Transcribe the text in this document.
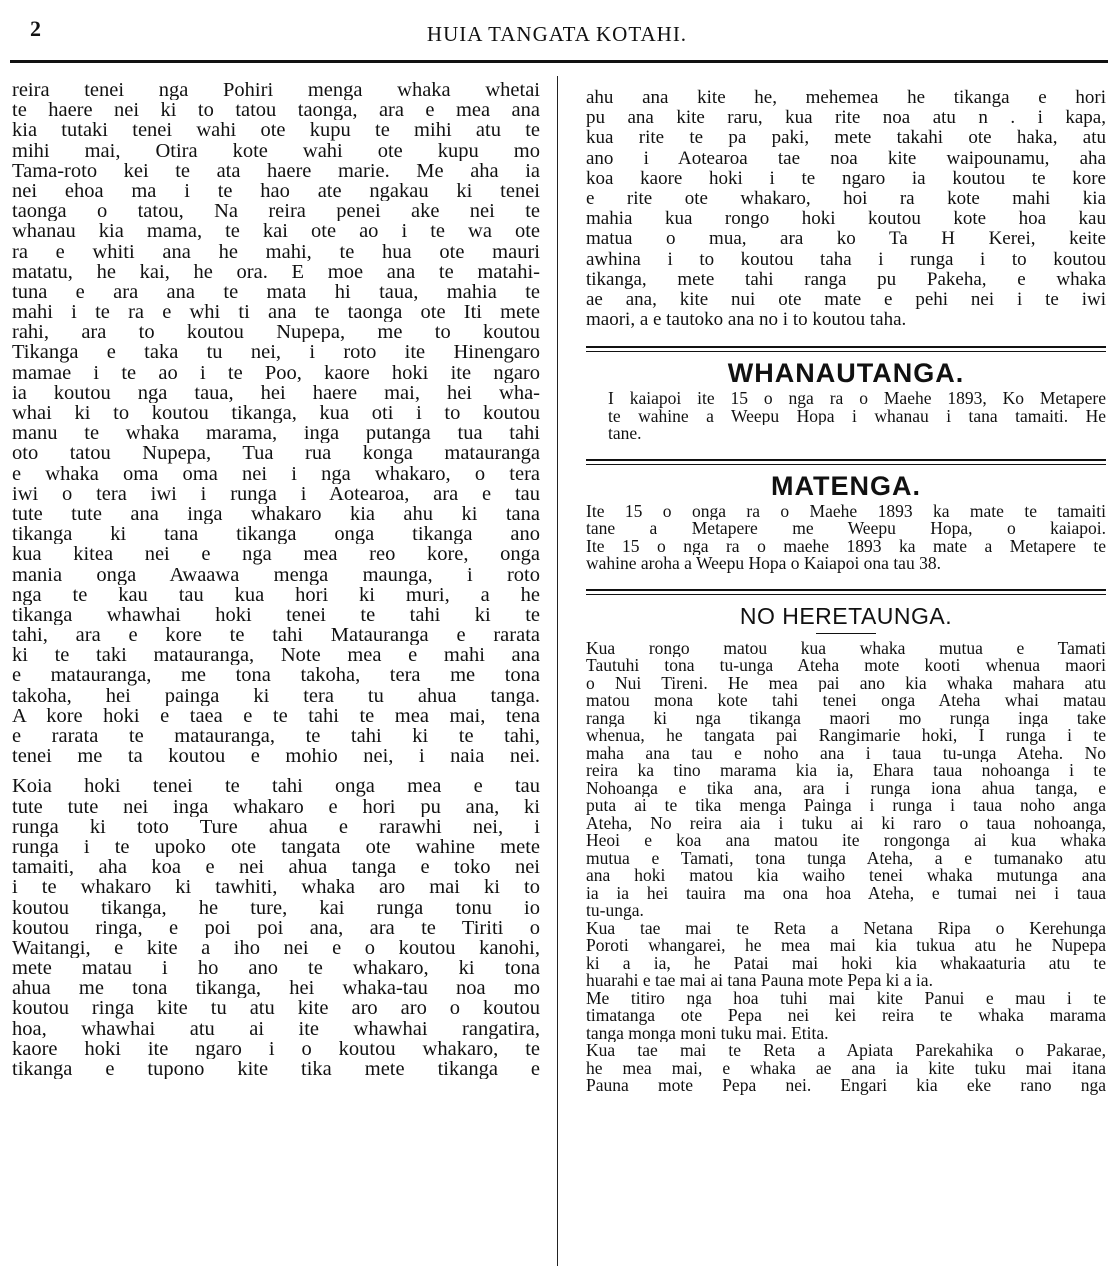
2	HUIA TANGATA KOTAHI.
reira tenei nga Pohiri menga whaka whetai
te haere nei ki to tatou taonga, ara e mea ana
kia tutaki tenei wahi ote kupu te mihi atu te
mihi mai, Otira kote wahi ote kupu mo
Tama-roto kei te ata haere marie. Me aha ia
nei ehoa ma i te hao ate ngakau ki tenei
taonga o tatou, Na reira penei ake nei te
whanau kia mama, te kai ote ao i te wa ote
ra e whiti ana he mahi, te hua ote mauri
matatu, he kai, he ora. E moe ana te matahi-
tuna e ara ana te mata hi taua, mahia te
mahi i te ra e whi ti ana te taonga ote Iti mete
rahi, ara to koutou Nupepa, me to koutou
Tikanga e taka tu nei, i roto ite Hinengaro
mamae i te ao i te Poo, kaore hoki ite ngaro
ia koutou nga taua, hei haere mai, hei wha-
whai ki to koutou tikanga, kua oti i to koutou
manu te whaka marama, inga putanga tua tahi
oto tatou Nupepa, Tua rua konga matauranga
e whaka oma oma nei i nga whakaro, o tera
iwi o tera iwi i runga i Aotearoa, ara e tau
tute tute ana inga whakaro kia ahu ki tana
tikanga ki tana tikanga onga tikanga ano
kua kitea nei e nga mea reo kore, onga
mania onga Awaawa menga maunga, i roto
nga te kau tau kua hori ki muri, a he
tikanga whawhai hoki tenei te tahi ki te
tahi, ara e kore te tahi Matauranga e rarata
ki te taki matauranga, Note mea e mahi ana
e matauranga, me tona takoha, tera me tona
takoha, hei painga ki tera tu ahua tanga.
A kore hoki e taea e te tahi te mea mai, tena
e rarata te matauranga, te tahi ki te tahi,
tenei me ta koutou e mohio nei, i naia nei.
Koia hoki tenei te tahi onga mea e tau
tute tute nei inga whakaro e hori pu ana, ki
runga ki toto Ture ahua e rarawhi nei, i
runga i te upoko ote tangata ote wahine mete
tamaiti, aha koa e nei ahua tanga e toko nei
i te whakaro ki tawhiti, whaka aro mai ki to
koutou tikanga, he ture, kai runga tonu io
koutou ringa, e poi poi ana, ara te Tiriti o
Waitangi, e kite a iho nei e o koutou kanohi,
mete matau i ho ano te whakaro, ki tona
ahua me tona tikanga, hei whaka-tau noa mo
koutou ringa kite tu atu kite aro aro o koutou
hoa, whawhai atu ai ite whawhai rangatira,
kaore hoki ite ngaro i o koutou whakaro, te
tikanga e tupono kite tika mete tikanga e
ahu ana kite he, mehemea he tikanga e hori
pu ana kite raru, kua rite noa atu n . i kapa,
kua rite te pa paki, mete takahi ote haka, atu
ano i Aotearoa tae noa kite waipounamu, aha
koa kaore hoki i te ngaro ia koutou te kore
e rite ote whakaro, hoi ra kote mahi kia
mahia kua rongo hoki koutou kote hoa kau
matua o mua, ara ko Ta H Kerei, keite
awhina i to koutou taha i runga i to koutou
tikanga, mete tahi ranga pu Pakeha, e whaka
ae ana, kite nui ote mate e pehi nei i te iwi
maori, a e tautoko ana no i to koutou taha.
WHANAUTANGA.
I kaiapoi ite 15 o nga ra o Maehe 1893, Ko Metapere
te wahine a Weepu Hopa i whanau i tana tamaiti. He
tane.
MATENGA.
Ite 15 o onga ra o Maehe 1893 ka mate te tamaiti
tane a Metapere me Weepu Hopa, o kaiapoi.
Ite 15 o nga ra o maehe 1893 ka mate a Metapere te
wahine aroha a Weepu Hopa o Kaiapoi ona tau 38.
NO HERETAUNGA.
Kua rongo matou kua whaka mutua e Tamati
Tautuhi tona tu-unga Ateha mote kooti whenua maori
o Nui Tireni. He mea pai ano kia whaka mahara atu
matou mona kote tahi tenei onga Ateha whai matau
ranga ki nga tikanga maori mo runga inga take
whenua, he tangata pai Rangimarie hoki, I runga i te
maha ana tau e noho ana i taua tu-unga Ateha. No
reira ka tino marama kia ia, Ehara taua nohoanga i te
Nohoanga e tika ana, ara i runga iona ahua tanga, e
puta ai te tika menga Painga i runga i taua noho anga
Ateha, No reira aia i tuku ai ki raro o taua nohoanga,
Heoi e koa ana matou ite rongonga ai kua whaka
mutua e Tamati, tona tunga Ateha, a e tumanako atu
ana hoki matou kia waiho tenei whaka mutunga ana
ia ia hei tauira ma ona hoa Ateha, e tumai nei i taua
tu-unga.
Kua tae mai te Reta a Netana Ripa o Kerehunga
Poroti whangarei, he mea mai kia tukua atu he Nupepa
ki a ia, he Patai mai hoki kia whakaaturia atu te
huarahi e tae mai ai tana Pauna mote Pepa ki a ia.
Me titiro nga hoa tuhi mai kite Panui e mau i te
timatanga ote Pepa nei kei reira te whaka marama
tanga monga moni tuku mai. Etita.
Kua tae mai te Reta a Apiata Parekahika o Pakarae,
he mea mai, e whaka ae ana ia kite tuku mai itana
Pauna mote Pepa nei. Engari kia eke rano nga
